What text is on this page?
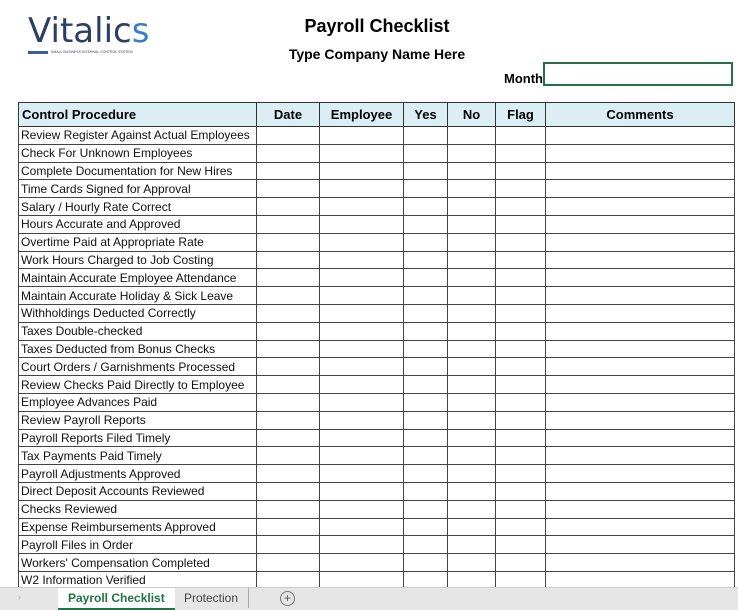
Vitalics
SMALL BUSINESS INTERNAL CONTROL SYSTEM
Payroll Checklist
Type Company Name Here
Month
Control Procedure	Date	Employee	Yes	No	Flag	Comments
Review Register Against Actual Employees						
Check For Unknown Employees						
Complete Documentation for New Hires						
Time Cards Signed for Approval						
Salary / Hourly Rate Correct						
Hours Accurate and Approved						
Overtime Paid at Appropriate Rate						
Work Hours Charged to Job Costing						
Maintain Accurate Employee Attendance						
Maintain Accurate Holiday & Sick Leave						
Withholdings Deducted Correctly						
Taxes Double-checked						
Taxes Deducted from Bonus Checks						
Court Orders / Garnishments Processed						
Review Checks Paid Directly to Employee						
Employee Advances Paid						
Review Payroll Reports						
Payroll Reports Filed Timely						
Tax Payments Paid Timely						
Payroll Adjustments Approved						
Direct Deposit Accounts Reviewed						
Checks Reviewed						
Expense Reimbursements Approved						
Payroll Files in Order						
Workers' Compensation Completed						
W2 Information Verified						
›	Payroll Checklist	Protection	+
